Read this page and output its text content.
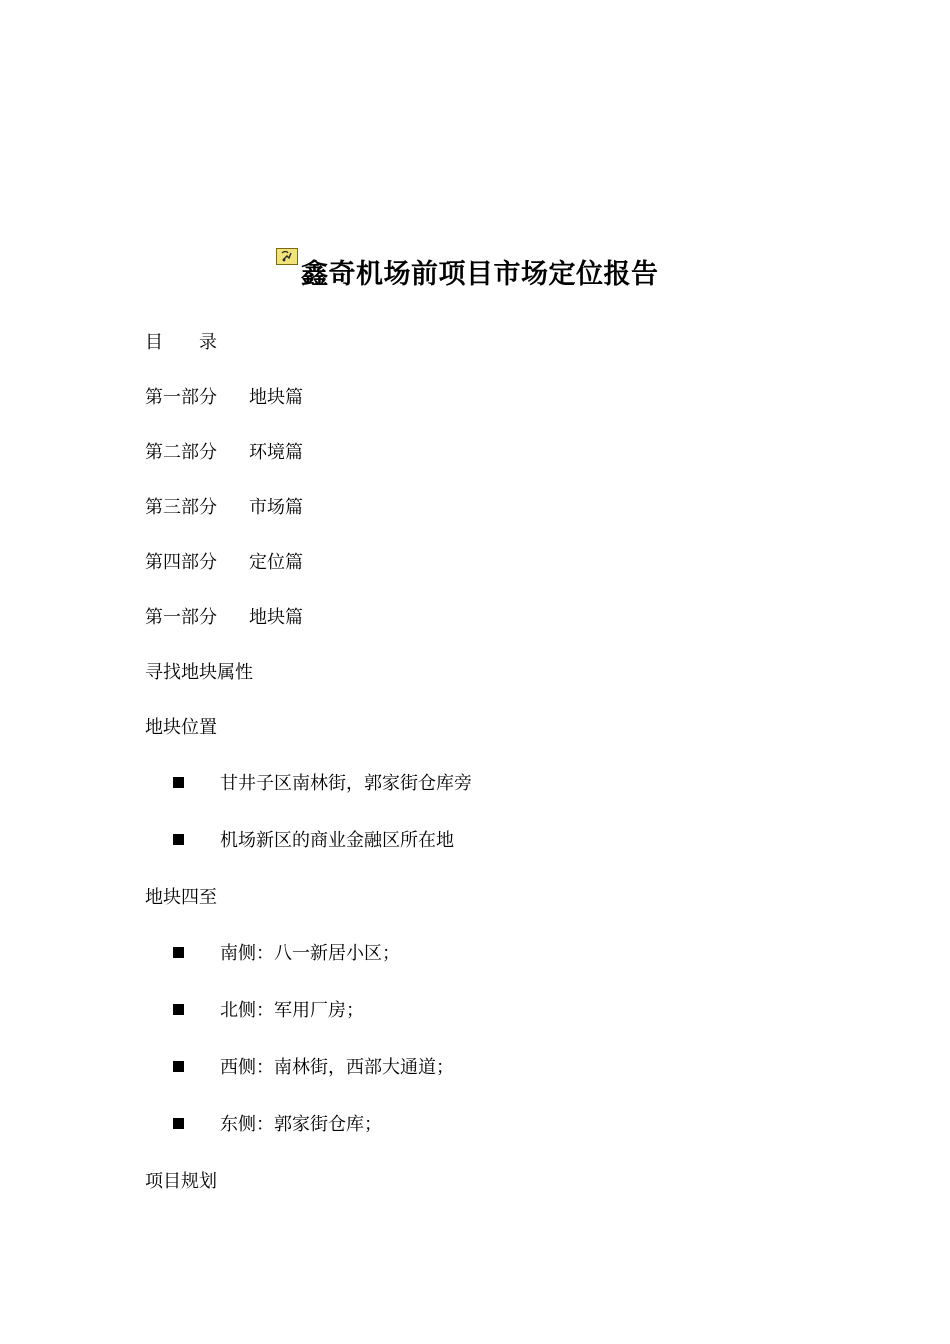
鑫奇机场前项目市场定位报告
目 录
第一部分 地块篇
第二部分 环境篇
第三部分 市场篇
第四部分 定位篇
第一部分 地块篇
寻找地块属性
地块位置
甘井子区南林街，郭家街仓库旁
机场新区的商业金融区所在地
地块四至
南侧：八一新居小区；
北侧：军用厂房；
西侧：南林街，西部大通道；
东侧：郭家街仓库；
项目规划
